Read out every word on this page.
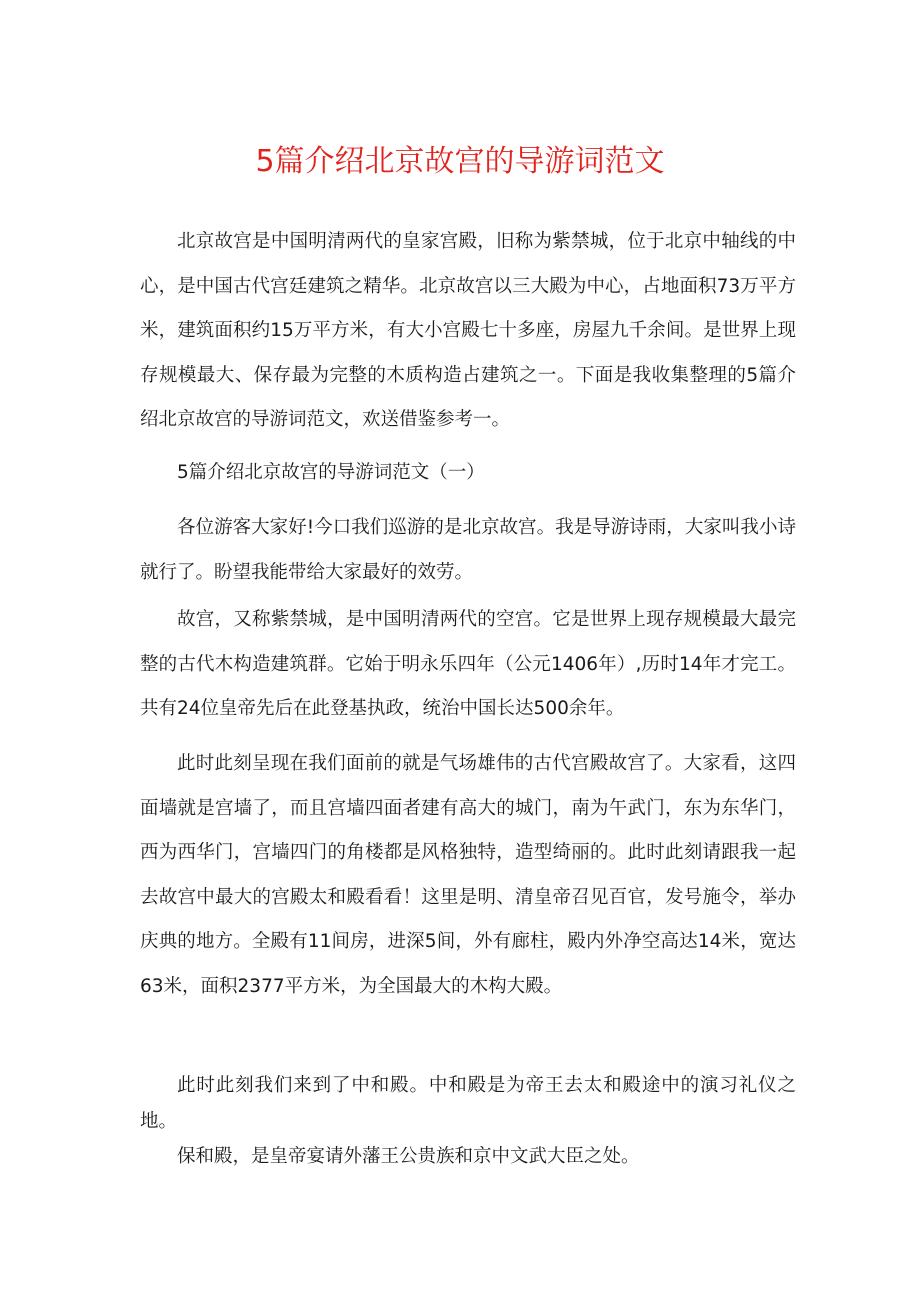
5篇介绍北京故宫的导游词范文

北京故宫是中国明清两代的皇家宫殿，旧称为紫禁城，位于北京中轴线的中心，是中国古代宫廷建筑之精华。北京故宫以三大殿为中心，占地面积73万平方米，建筑面积约15万平方米，有大小宫殿七十多座，房屋九千余间。是世界上现存规模最大、保存最为完整的木质构造占建筑之一。下面是我收集整理的5篇介绍北京故宫的导游词范文，欢送借鉴参考一。

5篇介绍北京故宫的导游词范文（一）

各位游客大家好!今口我们巡游的是北京故宫。我是导游诗雨，大家叫我小诗就行了。盼望我能带给大家最好的效劳。

故宫，又称紫禁城，是中国明清两代的空宫。它是世界上现存规模最大最完整的古代木构造建筑群。它始于明永乐四年（公元1406年）,历时14年才完工。共有24位皇帝先后在此登基执政，统治中国长达500余年。

此时此刻呈现在我们面前的就是气场雄伟的古代宫殿故宫了。大家看，这四面墙就是宫墙了，而且宫墙四面者建有高大的城门，南为午武门，东为东华门，西为西华门，宫墙四门的角楼都是风格独特，造型绮丽的。此时此刻请跟我一起去故宫中最大的宫殿太和殿看看！这里是明、清皇帝召见百官，发号施令，举办庆典的地方。全殿有11间房，进深5间，外有廊柱，殿内外净空高达14米，宽达63米，面积2377平方米，为全国最大的木构大殿。

此时此刻我们来到了中和殿。中和殿是为帝王去太和殿途中的演习礼仪之地。

保和殿，是皇帝宴请外藩王公贵族和京中文武大臣之处。
